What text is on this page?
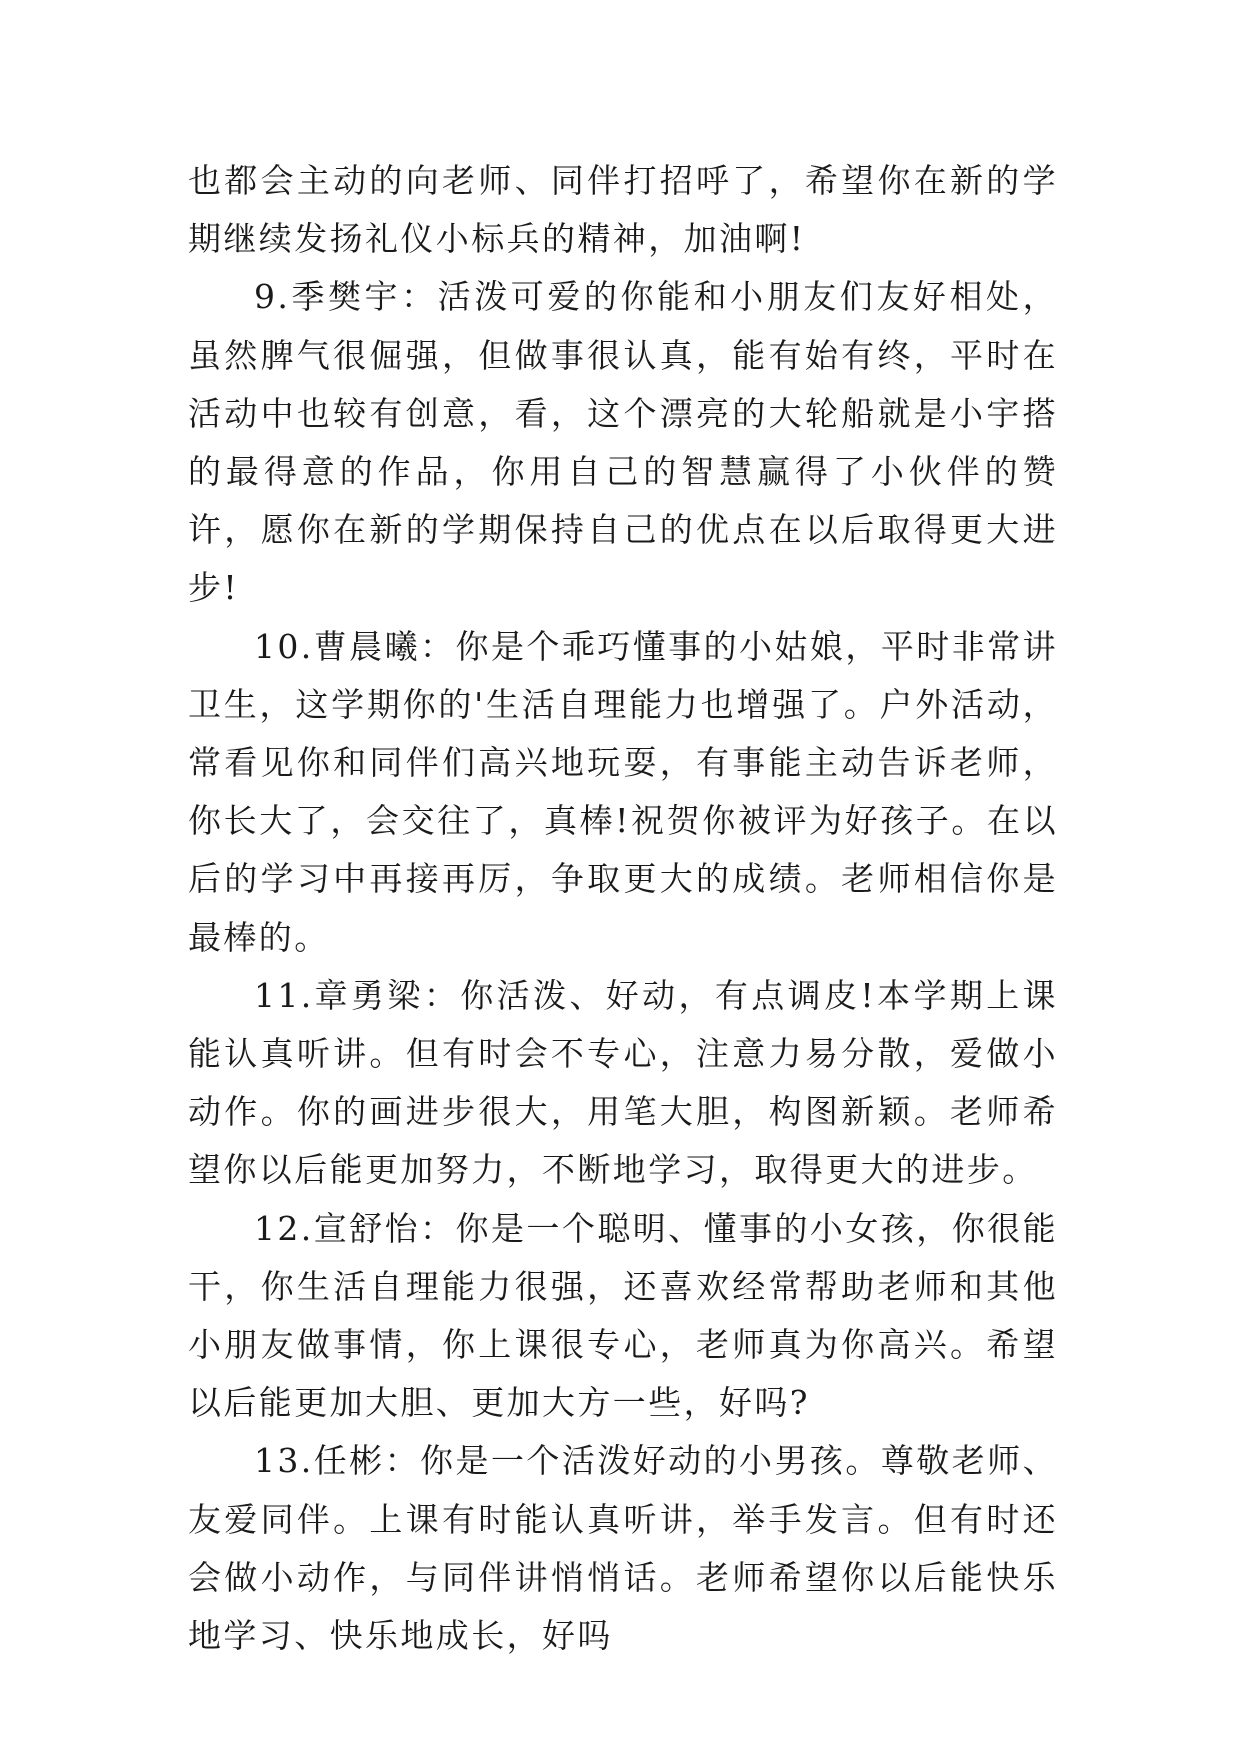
也都会主动的向老师、同伴打招呼了，希望你在新的学期继续发扬礼仪小标兵的精神，加油啊!

9.季樊宇：活泼可爱的你能和小朋友们友好相处，虽然脾气很倔强，但做事很认真，能有始有终，平时在活动中也较有创意，看，这个漂亮的大轮船就是小宇搭的最得意的作品，你用自己的智慧赢得了小伙伴的赞许，愿你在新的学期保持自己的优点在以后取得更大进步!

10.曹晨曦：你是个乖巧懂事的小姑娘，平时非常讲卫生，这学期你的'生活自理能力也增强了。户外活动，常看见你和同伴们高兴地玩耍，有事能主动告诉老师，你长大了，会交往了，真棒!祝贺你被评为好孩子。在以后的学习中再接再厉，争取更大的成绩。老师相信你是最棒的。

11.章勇梁：你活泼、好动，有点调皮!本学期上课能认真听讲。但有时会不专心，注意力易分散，爱做小动作。你的画进步很大，用笔大胆，构图新颖。老师希望你以后能更加努力，不断地学习，取得更大的进步。

12.宣舒怡：你是一个聪明、懂事的小女孩，你很能干，你生活自理能力很强，还喜欢经常帮助老师和其他小朋友做事情，你上课很专心，老师真为你高兴。希望以后能更加大胆、更加大方一些，好吗?

13.任彬：你是一个活泼好动的小男孩。尊敬老师、友爱同伴。上课有时能认真听讲，举手发言。但有时还会做小动作，与同伴讲悄悄话。老师希望你以后能快乐地学习、快乐地成长，好吗
